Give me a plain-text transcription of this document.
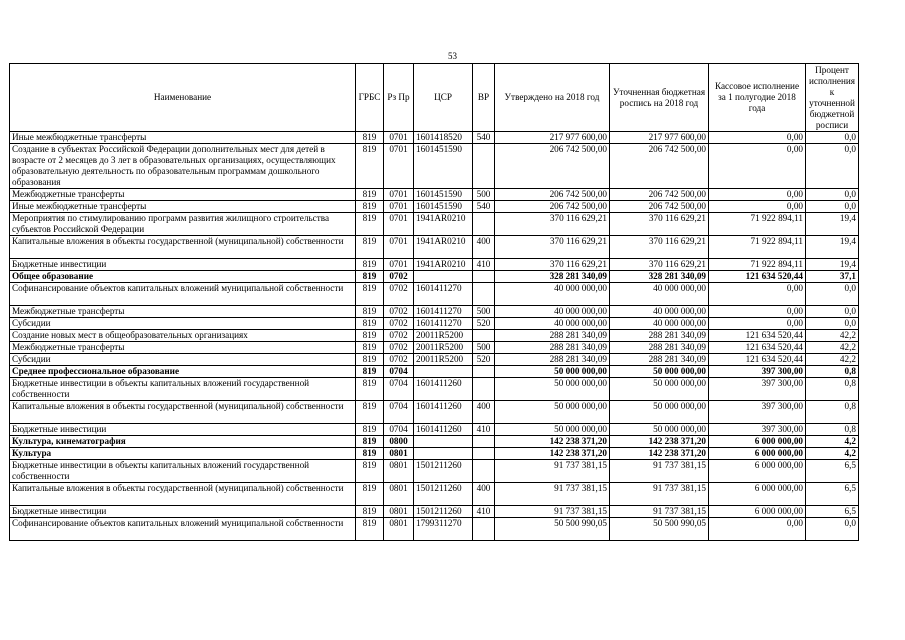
53
Наименование	ГРБС	Рз Пр	ЦСР	ВР	Утверждено на 2018 год	Уточненная бюджетная роспись на 2018 год	Кассовое исполнение за 1 полугодие 2018 года	Процент исполнения к уточненной бюджетной росписи
Иные межбюджетные трансферты	819	0701	1601418520	540	217 977 600,00	217 977 600,00	0,00	0,0
Создание в субъектах Российской Федерации дополнительных мест для детей в возрасте от 2 месяцев до 3 лет в образовательных организациях, осуществляющих образовательную деятельность по образовательным программам дошкольного образования	819	0701	1601451590		206 742 500,00	206 742 500,00	0,00	0,0
Межбюджетные трансферты	819	0701	1601451590	500	206 742 500,00	206 742 500,00	0,00	0,0
Иные межбюджетные трансферты	819	0701	1601451590	540	206 742 500,00	206 742 500,00	0,00	0,0
Мероприятия по стимулированию программ развития жилищного строительства субъектов Российской Федерации	819	0701	1941AR0210		370 116 629,21	370 116 629,21	71 922 894,11	19,4
Капитальные вложения в объекты государственной (муниципальной) собственности	819	0701	1941AR0210	400	370 116 629,21	370 116 629,21	71 922 894,11	19,4
Бюджетные инвестиции	819	0701	1941AR0210	410	370 116 629,21	370 116 629,21	71 922 894,11	19,4
Общее образование	819	0702			328 281 340,09	328 281 340,09	121 634 520,44	37,1
Софинансирование объектов капитальных вложений муниципальной собственности	819	0702	1601411270		40 000 000,00	40 000 000,00	0,00	0,0
Межбюджетные трансферты	819	0702	1601411270	500	40 000 000,00	40 000 000,00	0,00	0,0
Субсидии	819	0702	1601411270	520	40 000 000,00	40 000 000,00	0,00	0,0
Создание новых мест в общеобразовательных организациях	819	0702	20011R5200		288 281 340,09	288 281 340,09	121 634 520,44	42,2
Межбюджетные трансферты	819	0702	20011R5200	500	288 281 340,09	288 281 340,09	121 634 520,44	42,2
Субсидии	819	0702	20011R5200	520	288 281 340,09	288 281 340,09	121 634 520,44	42,2
Среднее профессиональное образование	819	0704			50 000 000,00	50 000 000,00	397 300,00	0,8
Бюджетные инвестиции в объекты капитальных вложений государственной собственности	819	0704	1601411260		50 000 000,00	50 000 000,00	397 300,00	0,8
Капитальные вложения в объекты государственной (муниципальной) собственности	819	0704	1601411260	400	50 000 000,00	50 000 000,00	397 300,00	0,8
Бюджетные инвестиции	819	0704	1601411260	410	50 000 000,00	50 000 000,00	397 300,00	0,8
Культура, кинематография	819	0800			142 238 371,20	142 238 371,20	6 000 000,00	4,2
Культура	819	0801			142 238 371,20	142 238 371,20	6 000 000,00	4,2
Бюджетные инвестиции в объекты капитальных вложений государственной собственности	819	0801	1501211260		91 737 381,15	91 737 381,15	6 000 000,00	6,5
Капитальные вложения в объекты государственной (муниципальной) собственности	819	0801	1501211260	400	91 737 381,15	91 737 381,15	6 000 000,00	6,5
Бюджетные инвестиции	819	0801	1501211260	410	91 737 381,15	91 737 381,15	6 000 000,00	6,5
Софинансирование объектов капитальных вложений муниципальной собственности	819	0801	1799311270		50 500 990,05	50 500 990,05	0,00	0,0
